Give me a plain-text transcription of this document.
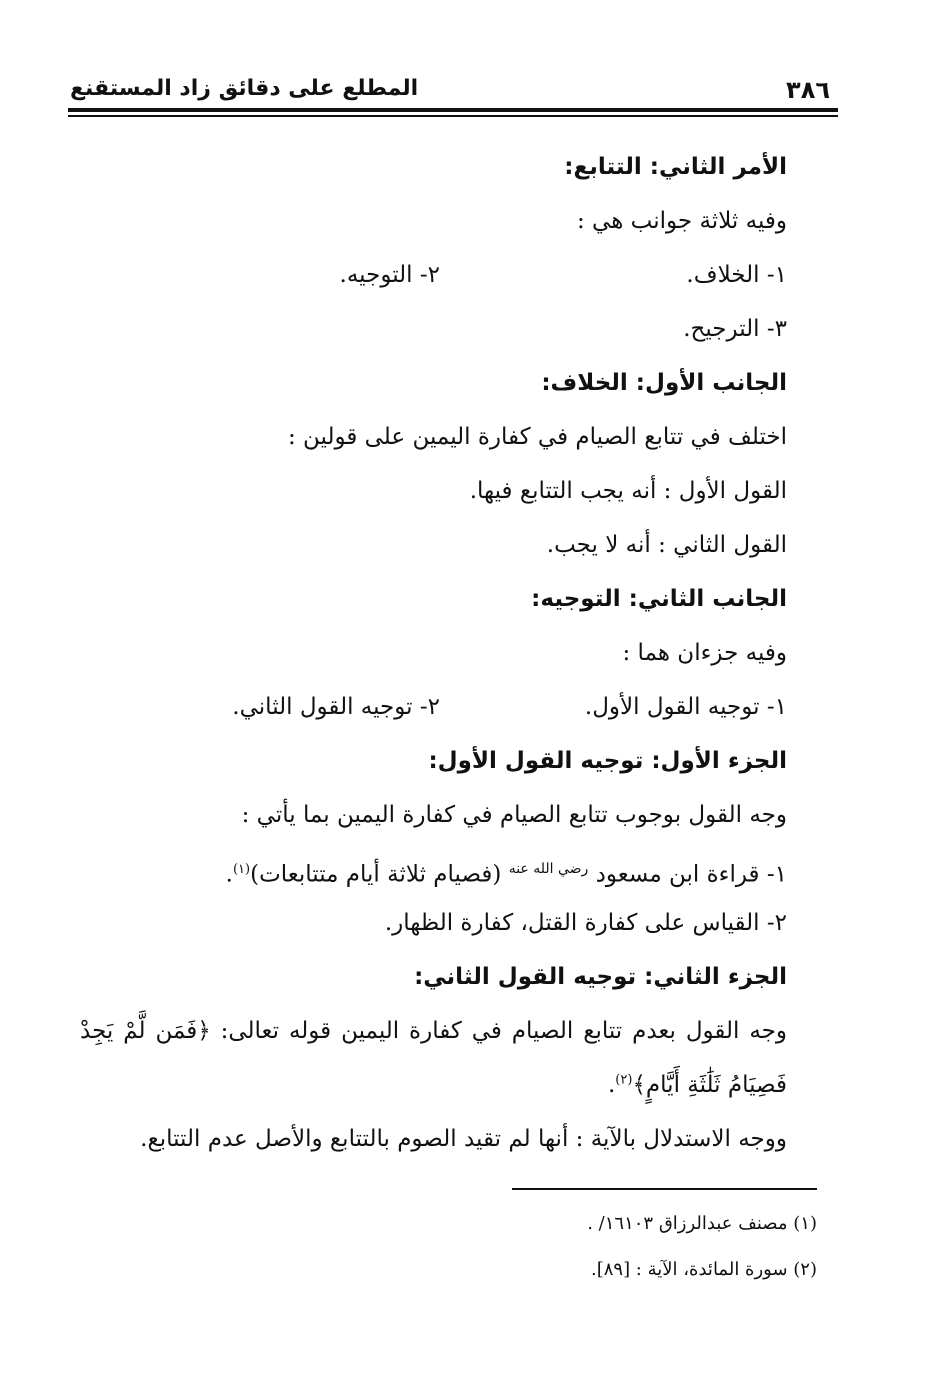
٣٨٦
المطلع على دقائق زاد المستقنع
الأمر الثاني: التتابع:
وفيه ثلاثة جوانب هي :
١- الخلاف.
٢- التوجيه.
٣- الترجيح.
الجانب الأول: الخلاف:
اختلف في تتابع الصيام في كفارة اليمين على قولين :
القول الأول : أنه يجب التتابع فيها.
القول الثاني : أنه لا يجب.
الجانب الثاني: التوجيه:
وفيه جزءان هما :
١- توجيه القول الأول.
٢- توجيه القول الثاني.
الجزء الأول: توجيه القول الأول:
وجه القول بوجوب تتابع الصيام في كفارة اليمين بما يأتي :
١- قراءة ابن مسعود $^{رضي الله عنه}$ (فصيام ثلاثة أيام متتابعات)$^{(١)}$.
٢- القياس على كفارة القتل، كفارة الظهار.
الجزء الثاني: توجيه القول الثاني:
وجه القول بعدم تتابع الصيام في كفارة اليمين قوله تعالى: ﴿فَمَن لَّمْ يَجِدْ
فَصِيَامُ ثَلَٰثَةِ أَيَّامٍ﴾$^{(٢)}$.
ووجه الاستدلال بالآية : أنها لم تقيد الصوم بالتتابع والأصل عدم التتابع.
(١) مصنف عبدالرزاق ١٦١٠٣/ .
(٢) سورة المائدة، الآية : [٨٩].
